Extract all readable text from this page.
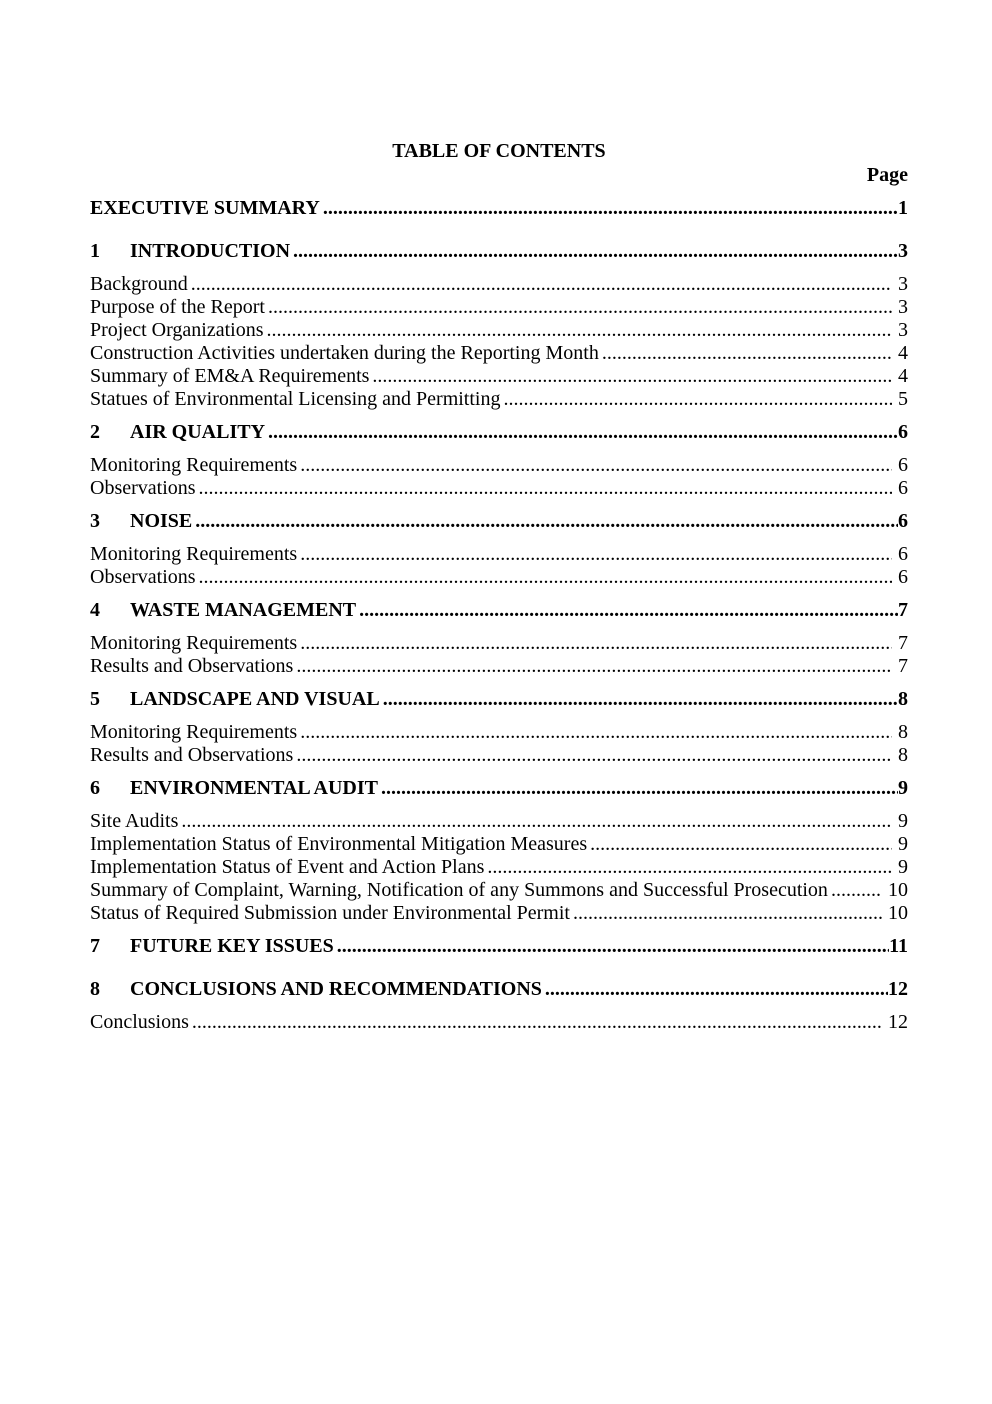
TABLE OF CONTENTS
Page
EXECUTIVE SUMMARY .....	1
1	INTRODUCTION .....	3
Background .....	3
Purpose of the Report .....	3
Project Organizations .....	3
Construction Activities undertaken during the Reporting Month .....	4
Summary of EM&A Requirements .....	4
Statues of Environmental Licensing and Permitting .....	5
2	AIR QUALITY .....	6
Monitoring Requirements .....	6
Observations .....	6
3	NOISE .....	6
Monitoring Requirements .....	6
Observations .....	6
4	WASTE MANAGEMENT .....	7
Monitoring Requirements .....	7
Results and Observations .....	7
5	LANDSCAPE AND VISUAL .....	8
Monitoring Requirements .....	8
Results and Observations .....	8
6	ENVIRONMENTAL AUDIT .....	9
Site Audits .....	9
Implementation Status of Environmental Mitigation Measures .....	9
Implementation Status of Event and Action Plans .....	9
Summary of Complaint, Warning, Notification of any Summons and Successful Prosecution .....	10
Status of Required Submission under Environmental Permit .....	10
7	FUTURE KEY ISSUES .....	11
8	CONCLUSIONS AND RECOMMENDATIONS .....	12
Conclusions .....	12
